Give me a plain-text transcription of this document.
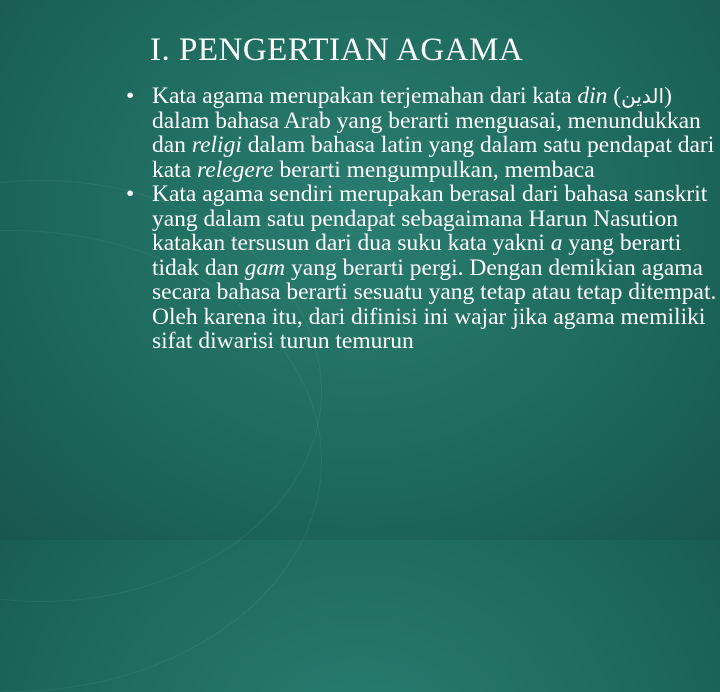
I. PENGERTIAN AGAMA
• Kata agama merupakan terjemahan dari kata din (الدين) dalam bahasa Arab yang berarti menguasai, menundukkan dan religi dalam bahasa latin yang dalam satu pendapat dari kata relegere berarti mengumpulkan, membaca

• Kata agama sendiri merupakan berasal dari bahasa sanskrit yang dalam satu pendapat sebagaimana Harun Nasution katakan tersusun dari dua suku kata yakni a yang berarti tidak dan gam yang berarti pergi. Dengan demikian agama secara bahasa berarti sesuatu yang tetap atau tetap ditempat. Oleh karena itu, dari difinisi ini wajar jika agama memiliki sifat diwarisi turun temurun
